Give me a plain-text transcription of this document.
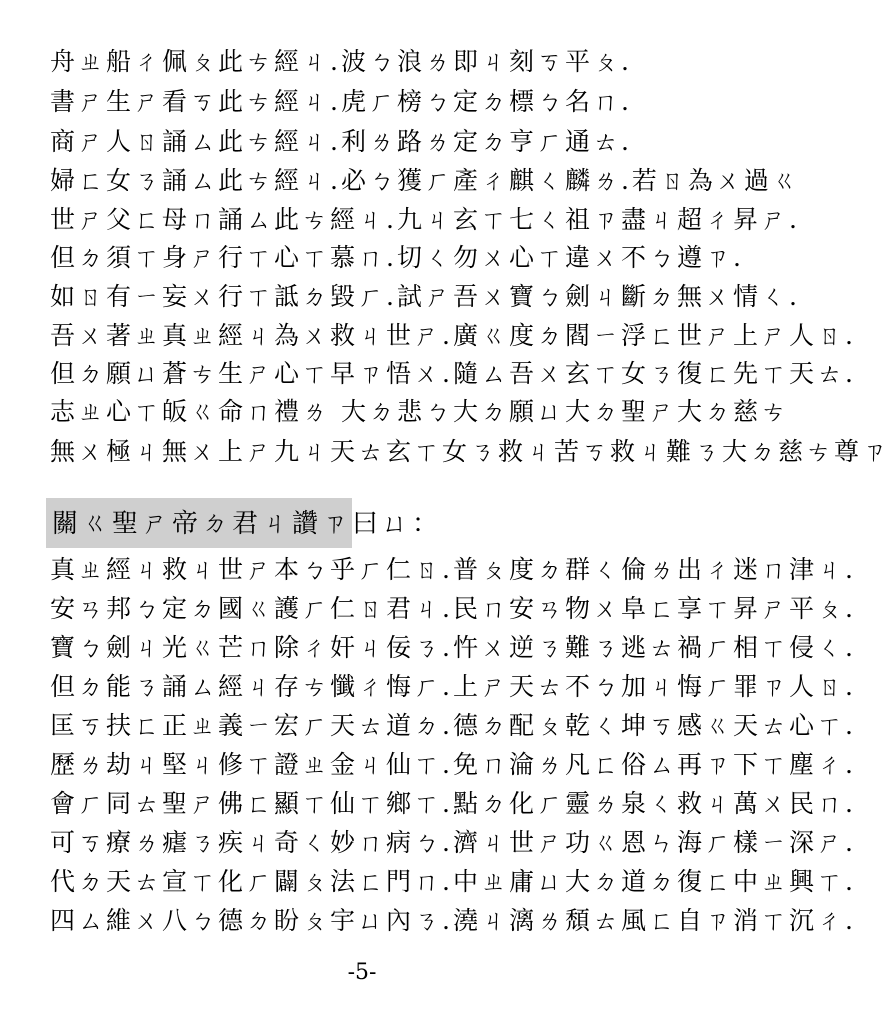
舟ㄓ船ㄔ佩ㄆ此ㄘ經ㄐ.波ㄅ浪ㄌ即ㄐ刻ㄎ平ㄆ.
書ㄕ生ㄕ看ㄎ此ㄘ經ㄐ.虎ㄏ榜ㄅ定ㄉ標ㄅ名ㄇ.
商ㄕ人ㄖ誦ㄙ此ㄘ經ㄐ.利ㄌ路ㄌ定ㄉ亨ㄏ通ㄊ.
婦ㄈ女ㄋ誦ㄙ此ㄘ經ㄐ.必ㄅ獲ㄏ產ㄔ麒ㄑ麟ㄌ.若ㄖ為ㄨ過ㄍ
世ㄕ父ㄈ母ㄇ誦ㄙ此ㄘ經ㄐ.九ㄐ玄ㄒ七ㄑ祖ㄗ盡ㄐ超ㄔ昇ㄕ.
但ㄉ須ㄒ身ㄕ行ㄒ心ㄒ慕ㄇ.切ㄑ勿ㄨ心ㄒ違ㄨ不ㄅ遵ㄗ.
如ㄖ有ㄧ妄ㄨ行ㄒ詆ㄉ毀ㄏ.試ㄕ吾ㄨ寶ㄅ劍ㄐ斷ㄉ無ㄨ情ㄑ.
吾ㄨ著ㄓ真ㄓ經ㄐ為ㄨ救ㄐ世ㄕ.廣ㄍ度ㄉ閻ㄧ浮ㄈ世ㄕ上ㄕ人ㄖ.
但ㄉ願ㄩ蒼ㄘ生ㄕ心ㄒ早ㄗ悟ㄨ.隨ㄙ吾ㄨ玄ㄒ女ㄋ復ㄈ先ㄒ天ㄊ.
志ㄓ心ㄒ皈ㄍ命ㄇ禮ㄌ 大ㄉ悲ㄅ大ㄉ願ㄩ大ㄉ聖ㄕ大ㄉ慈ㄘ
無ㄨ極ㄐ無ㄨ上ㄕ九ㄐ天ㄊ玄ㄒ女ㄋ救ㄐ苦ㄎ救ㄐ難ㄋ大ㄉ慈ㄘ尊ㄗ
關ㄍ聖ㄕ帝ㄉ君ㄐ讚ㄗ曰ㄩ：
真ㄓ經ㄐ救ㄐ世ㄕ本ㄅ乎ㄏ仁ㄖ.普ㄆ度ㄉ群ㄑ倫ㄌ出ㄔ迷ㄇ津ㄐ.
安ㄢ邦ㄅ定ㄉ國ㄍ護ㄏ仁ㄖ君ㄐ.民ㄇ安ㄢ物ㄨ阜ㄈ享ㄒ昇ㄕ平ㄆ.
寶ㄅ劍ㄐ光ㄍ芒ㄇ除ㄔ奸ㄐ佞ㄋ.忤ㄨ逆ㄋ難ㄋ逃ㄊ禍ㄏ相ㄒ侵ㄑ.
但ㄉ能ㄋ誦ㄙ經ㄐ存ㄘ懺ㄔ悔ㄏ.上ㄕ天ㄊ不ㄅ加ㄐ悔ㄏ罪ㄗ人ㄖ.
匡ㄎ扶ㄈ正ㄓ義ㄧ宏ㄏ天ㄊ道ㄉ.德ㄉ配ㄆ乾ㄑ坤ㄎ感ㄍ天ㄊ心ㄒ.
歷ㄌ劫ㄐ堅ㄐ修ㄒ證ㄓ金ㄐ仙ㄒ.免ㄇ淪ㄌ凡ㄈ俗ㄙ再ㄗ下ㄒ塵ㄔ.
會ㄏ同ㄊ聖ㄕ佛ㄈ顯ㄒ仙ㄒ鄉ㄒ.點ㄉ化ㄏ靈ㄌ泉ㄑ救ㄐ萬ㄨ民ㄇ.
可ㄎ療ㄌ瘧ㄋ疾ㄐ奇ㄑ妙ㄇ病ㄅ.濟ㄐ世ㄕ功ㄍ恩ㄣ海ㄏ樣ㄧ深ㄕ.
代ㄉ天ㄊ宣ㄒ化ㄏ闢ㄆ法ㄈ門ㄇ.中ㄓ庸ㄩ大ㄉ道ㄉ復ㄈ中ㄓ興ㄒ.
四ㄙ維ㄨ八ㄅ德ㄉ盼ㄆ宇ㄩ內ㄋ.澆ㄐ漓ㄌ頹ㄊ風ㄈ自ㄗ消ㄒ沉ㄔ.
-5-
